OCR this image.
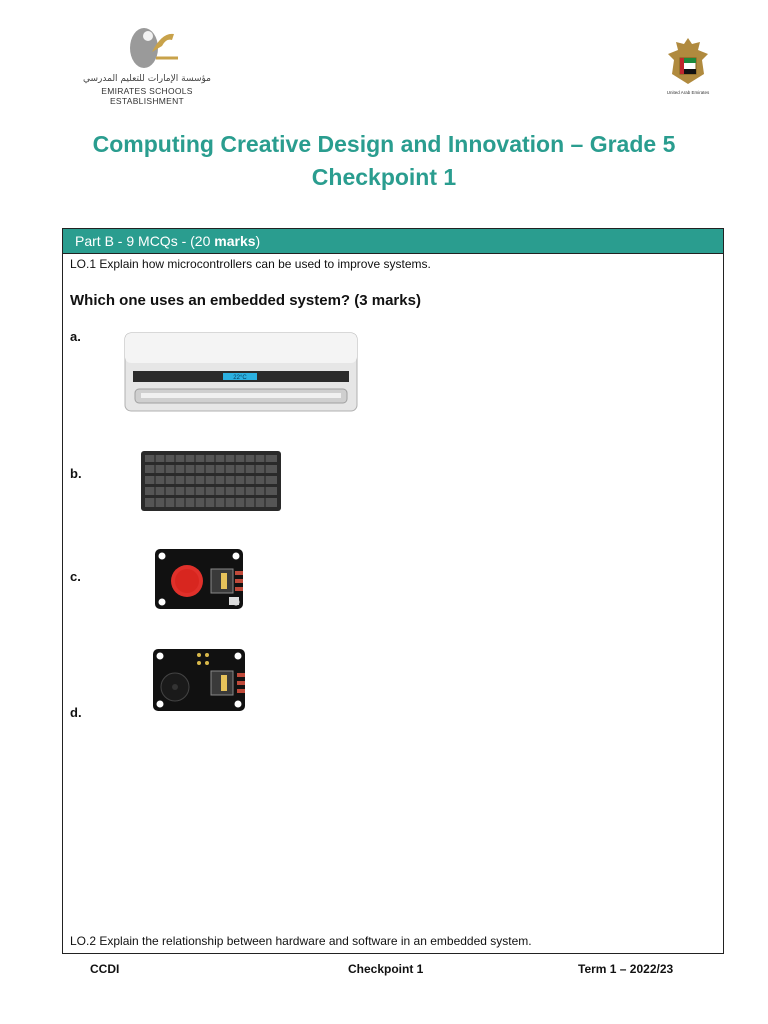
مؤسسة الإمارات للتعليم المدرسي
EMIRATES SCHOOLS ESTABLISHMENT
United Arab Emirates
Computing Creative Design and Innovation – Grade 5
Checkpoint 1
Part B - 9 MCQs - (20 marks)
LO.1 Explain how microcontrollers can be used to improve systems.
Which one uses an embedded system? (3 marks)
a.
22°C
b.
c.
d.
LO.2 Explain the relationship between hardware and software in an embedded system.
CCDI	Checkpoint 1	Term 1 – 2022/23
